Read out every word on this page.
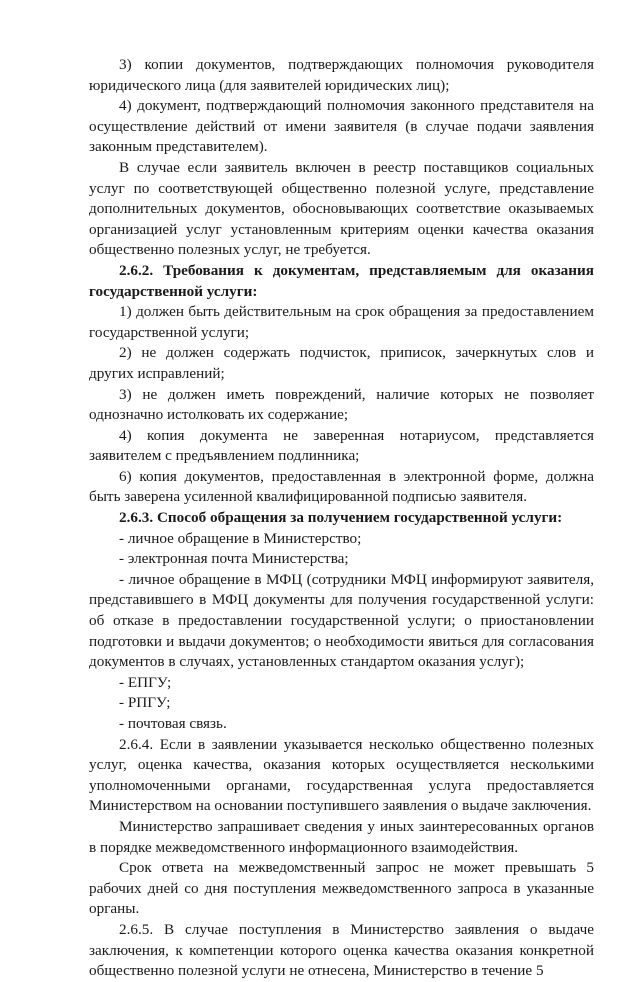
3) копии документов, подтверждающих полномочия руководителя юридического лица (для заявителей юридических лиц);

4) документ, подтверждающий полномочия законного представителя на осуществление действий от имени заявителя (в случае подачи заявления законным представителем).

В случае если заявитель включен в реестр поставщиков социальных услуг по соответствующей общественно полезной услуге, представление дополнительных документов, обосновывающих соответствие оказываемых организацией услуг установленным критериям оценки качества оказания общественно полезных услуг, не требуется.

2.6.2. Требования к документам, представляемым для оказания государственной услуги:

1) должен быть действительным на срок обращения за предоставлением государственной услуги;

2) не должен содержать подчисток, приписок, зачеркнутых слов и других исправлений;

3) не должен иметь повреждений, наличие которых не позволяет однозначно истолковать их содержание;

4) копия документа не заверенная нотариусом, представляется заявителем с предъявлением подлинника;

6) копия документов, предоставленная в электронной форме, должна быть заверена усиленной квалифицированной подписью заявителя.

2.6.3. Способ обращения за получением государственной услуги:

- личное обращение в Министерство;

- электронная почта Министерства;

- личное обращение в МФЦ (сотрудники МФЦ информируют заявителя, представившего в МФЦ документы для получения государственной услуги: об отказе в предоставлении государственной услуги; о приостановлении подготовки и выдачи документов; о необходимости явиться для согласования документов в случаях, установленных стандартом оказания услуг);

- ЕПГУ;

- РПГУ;

- почтовая связь.

2.6.4. Если в заявлении указывается несколько общественно полезных услуг, оценка качества, оказания которых осуществляется несколькими уполномоченными органами, государственная услуга предоставляется Министерством на основании поступившего заявления о выдаче заключения.

Министерство запрашивает сведения у иных заинтересованных органов в порядке межведомственного информационного взаимодействия.

Срок ответа на межведомственный запрос не может превышать 5 рабочих дней со дня поступления межведомственного запроса в указанные органы.

2.6.5. В случае поступления в Министерство заявления о выдаче заключения, к компетенции которого оценка качества оказания конкретной общественно полезной услуги не отнесена, Министерство в течение 5
